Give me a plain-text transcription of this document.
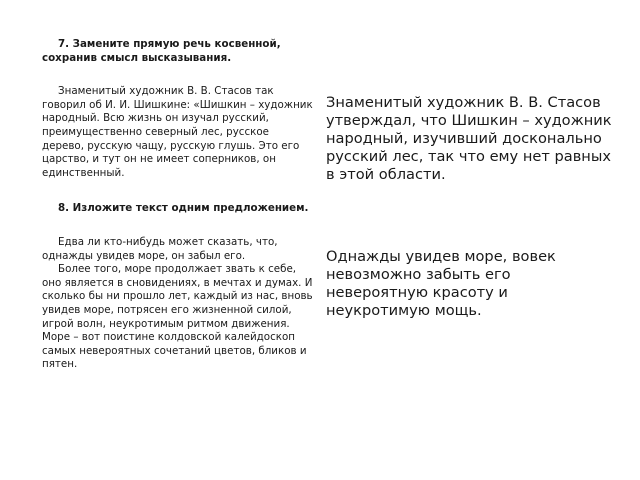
7. Замените прямую речь косвенной, сохранив смысл высказывания.

Знаменитый художник В. В. Стасов так говорил об И. И. Шишкине: «Шишкин – художник народный. Всю жизнь он изучал русский, преимущественно северный лес, русское дерево, русскую чащу, русскую глушь. Это его царство, и тут он не имеет соперников, он единственный.

8. Изложите текст одним предложением.

Едва ли кто-нибудь может сказать, что, однажды увидев море, он забыл его.

Более того, море продолжает звать к себе, оно является в сновидениях, в мечтах и думах. И сколько бы ни прошло лет, каждый из нас, вновь увидев море, потрясен его жизненной силой, игрой волн, неукротимым ритмом движения. Море – вот поистине колдовской калейдоскоп самых невероятных сочетаний цветов, бликов и пятен.

Знаменитый художник В. В. Стасов утверждал, что Шишкин – художник народный, изучивший досконально русский лес, так что ему нет равных в этой области.

Однажды увидев море, вовек невозможно забыть его невероятную красоту и неукротимую мощь.
